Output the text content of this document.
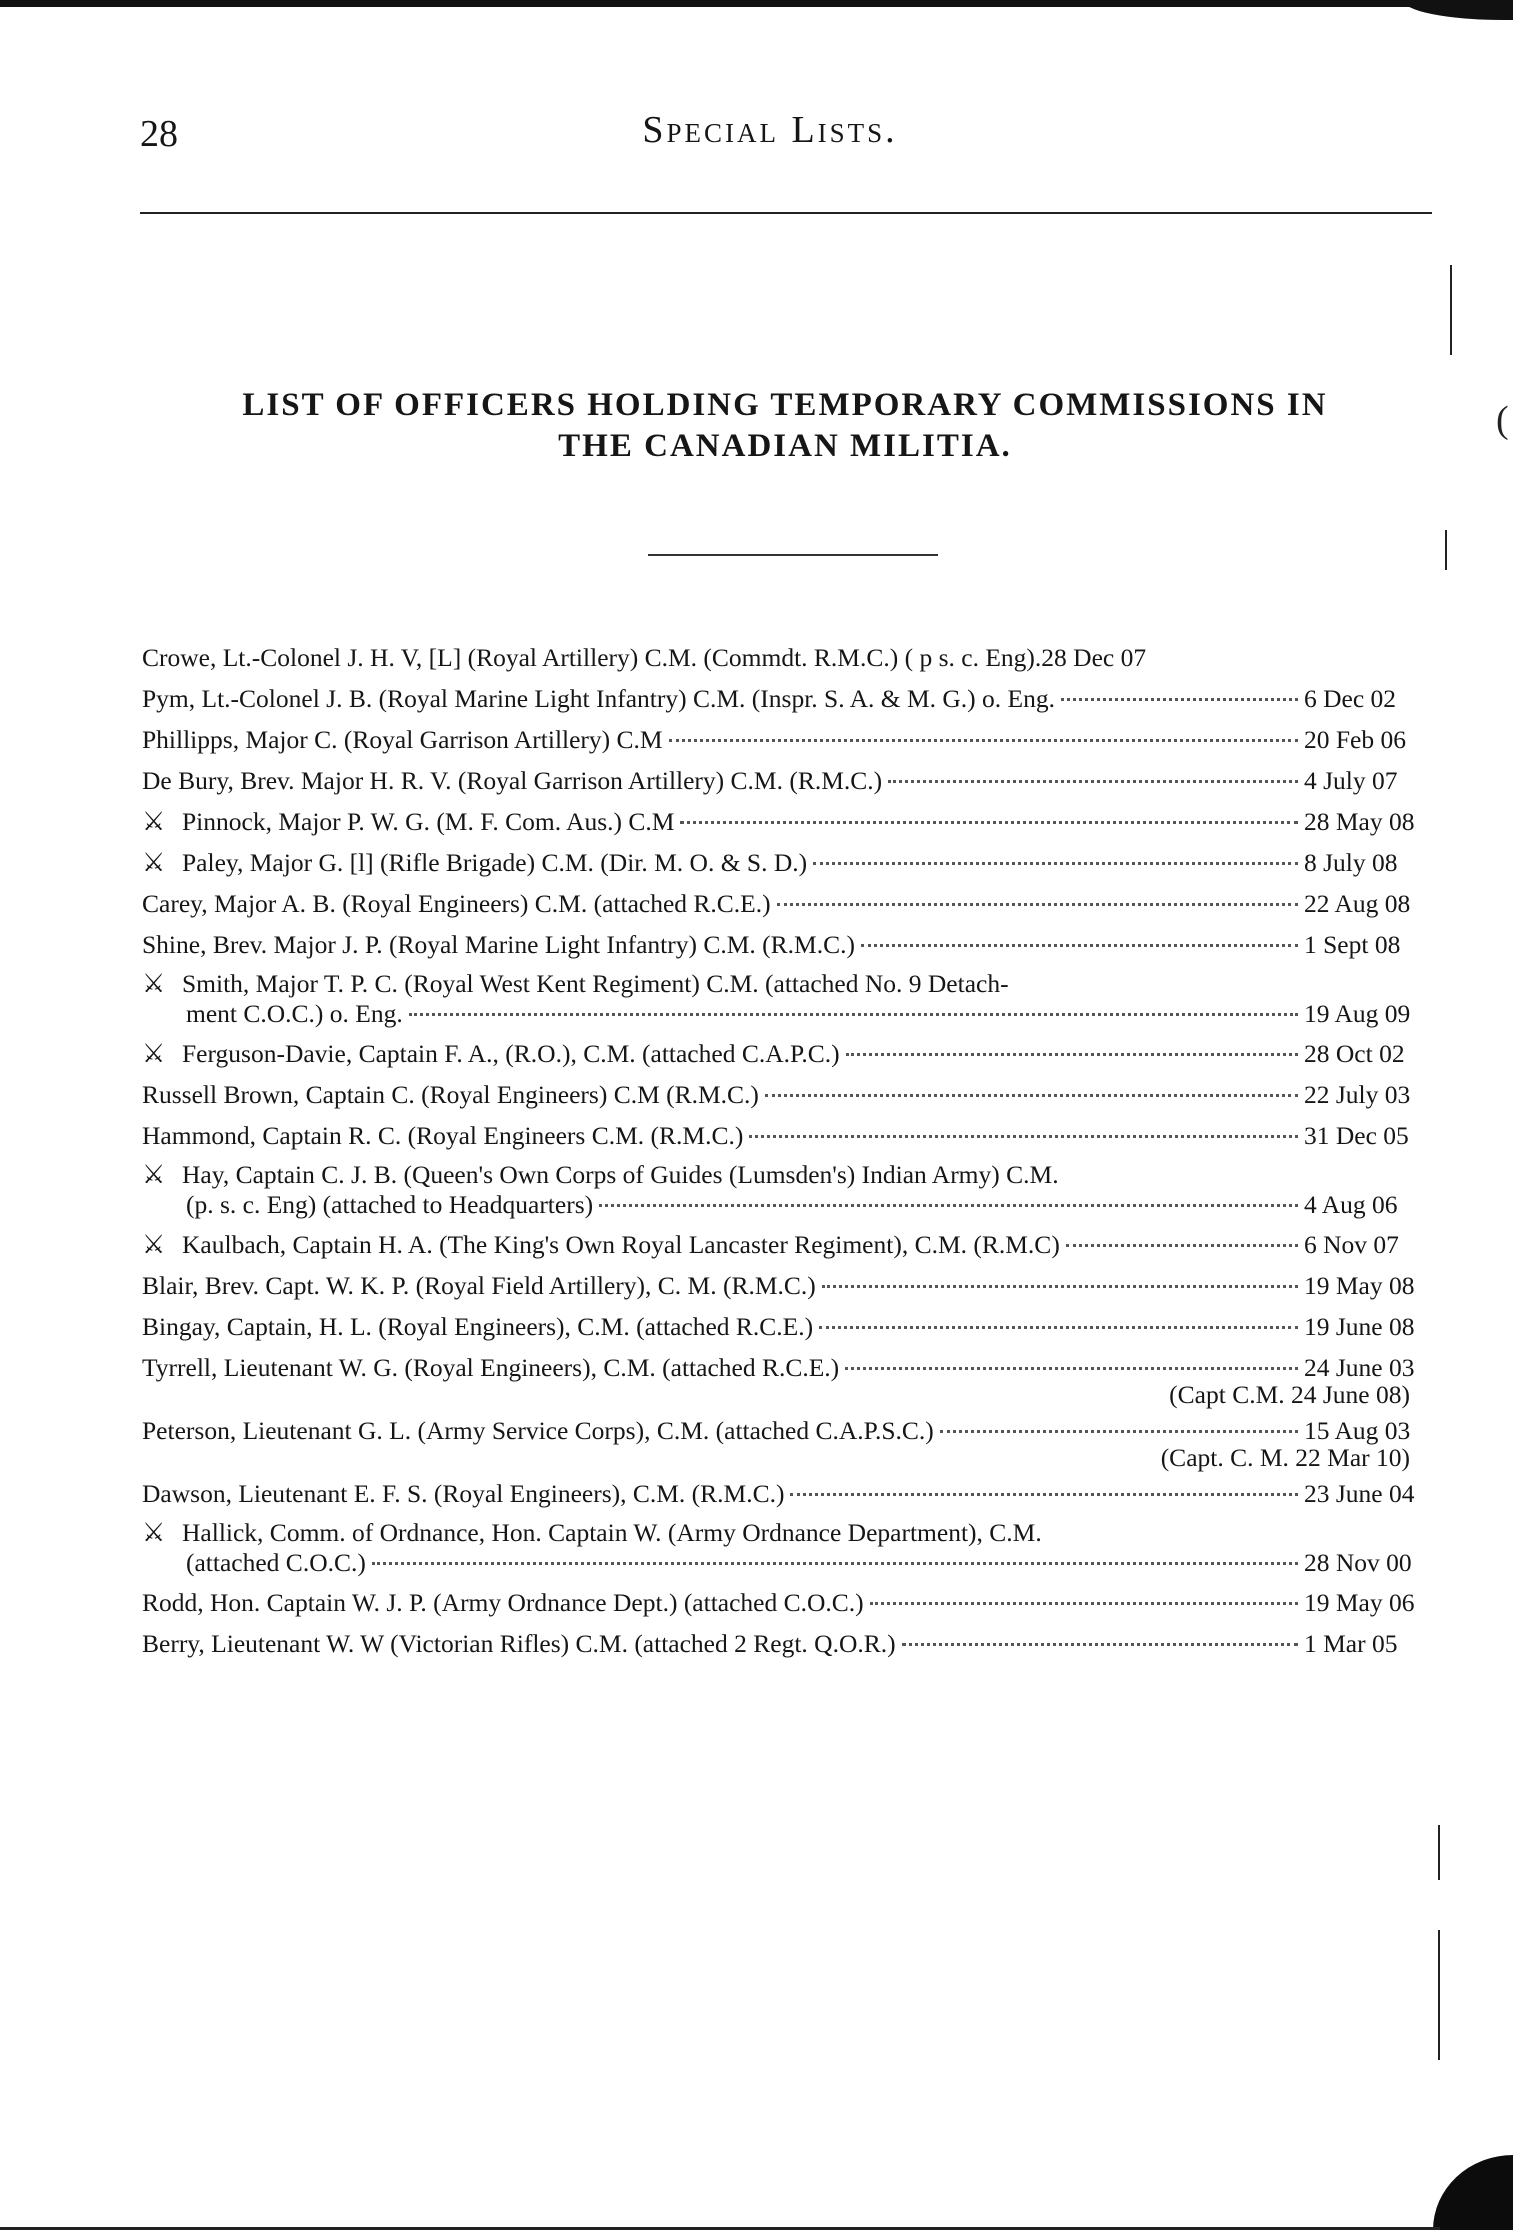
(
28	Special Lists.
LIST OF OFFICERS HOLDING TEMPORARY COMMISSIONS IN
THE CANADIAN MILITIA.
Crowe, Lt.-Colonel J. H. V, [L] (Royal Artillery) C.M. (Commdt. R.M.C.) ( p s. c. Eng). 28 Dec 07
Pym, Lt.-Colonel J. B. (Royal Marine Light Infantry) C.M. (Inspr. S. A. & M. G.) o. Eng.	6 Dec 02
Phillipps, Major C. (Royal Garrison Artillery) C.M	20 Feb 06
De Bury, Brev. Major H. R. V. (Royal Garrison Artillery) C.M. (R.M.C.)	4 July 07
⚔ Pinnock, Major P. W. G. (M. F. Com. Aus.) C.M	28 May 08
⚔ Paley, Major G. [l] (Rifle Brigade) C.M. (Dir. M. O. & S. D.)	8 July 08
Carey, Major A. B. (Royal Engineers) C.M. (attached R.C.E.)	22 Aug 08
Shine, Brev. Major J. P. (Royal Marine Light Infantry) C.M. (R.M.C.)	1 Sept 08
⚔ Smith, Major T. P. C. (Royal West Kent Regiment) C.M. (attached No. 9 Detach-
ment C.O.C.) o. Eng.	19 Aug 09
⚔ Ferguson-Davie, Captain F. A., (R.O.), C.M. (attached C.A.P.C.)	28 Oct 02
Russell Brown, Captain C. (Royal Engineers) C.M (R.M.C.)	22 July 03
Hammond, Captain R. C. (Royal Engineers C.M. (R.M.C.)	31 Dec 05
⚔ Hay, Captain C. J. B. (Queen's Own Corps of Guides (Lumsden's) Indian Army) C.M.
(p. s. c. Eng) (attached to Headquarters)	4 Aug 06
⚔ Kaulbach, Captain H. A. (The King's Own Royal Lancaster Regiment), C.M. (R.M.C)	6 Nov 07
Blair, Brev. Capt. W. K. P. (Royal Field Artillery), C. M. (R.M.C.)	19 May 08
Bingay, Captain, H. L. (Royal Engineers), C.M. (attached R.C.E.)	19 June 08
Tyrrell, Lieutenant W. G. (Royal Engineers), C.M. (attached R.C.E.)	24 June 03
(Capt C.M. 24 June 08)
Peterson, Lieutenant G. L. (Army Service Corps), C.M. (attached C.A.P.S.C.)	15 Aug 03
(Capt. C. M. 22 Mar 10)
Dawson, Lieutenant E. F. S. (Royal Engineers), C.M. (R.M.C.)	23 June 04
⚔ Hallick, Comm. of Ordnance, Hon. Captain W. (Army Ordnance Department), C.M.
(attached C.O.C.)	28 Nov 00
Rodd, Hon. Captain W. J. P. (Army Ordnance Dept.) (attached C.O.C.)	19 May 06
Berry, Lieutenant W. W (Victorian Rifles) C.M. (attached 2 Regt. Q.O.R.)	1 Mar 05
